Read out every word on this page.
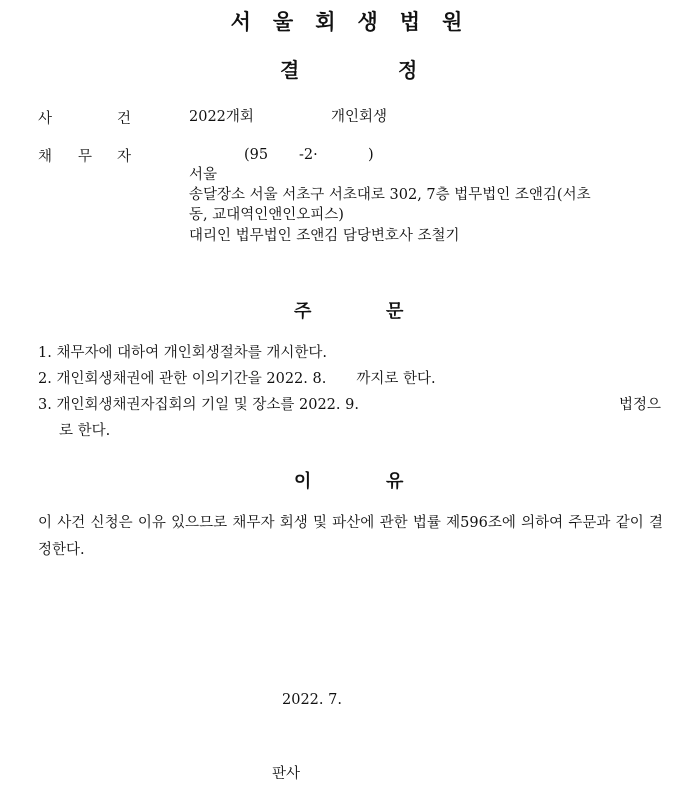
서울회생법원
결	정
사	건	2022개회	개인회생
채 무 자	(95 -2·	)
서울
송달장소 서울 서초구 서초대로 302, 7층 법무법인 조앤김(서초
동, 교대역인앤인오피스)
대리인 법무법인 조앤김 담당변호사 조철기
주	문
1. 채무자에 대하여 개인회생절차를 개시한다.
2. 개인회생채권에 관한 이의기간을 2022. 8. 까지로 한다.
3. 개인회생채권자집회의 기일 및 장소를 2022. 9.	법정으
로 한다.
이	유
이 사건 신청은 이유 있으므로 채무자 회생 및 파산에 관한 법률 제596조에 의하여 주문과 같이 결정한다.
2022. 7.
판사
